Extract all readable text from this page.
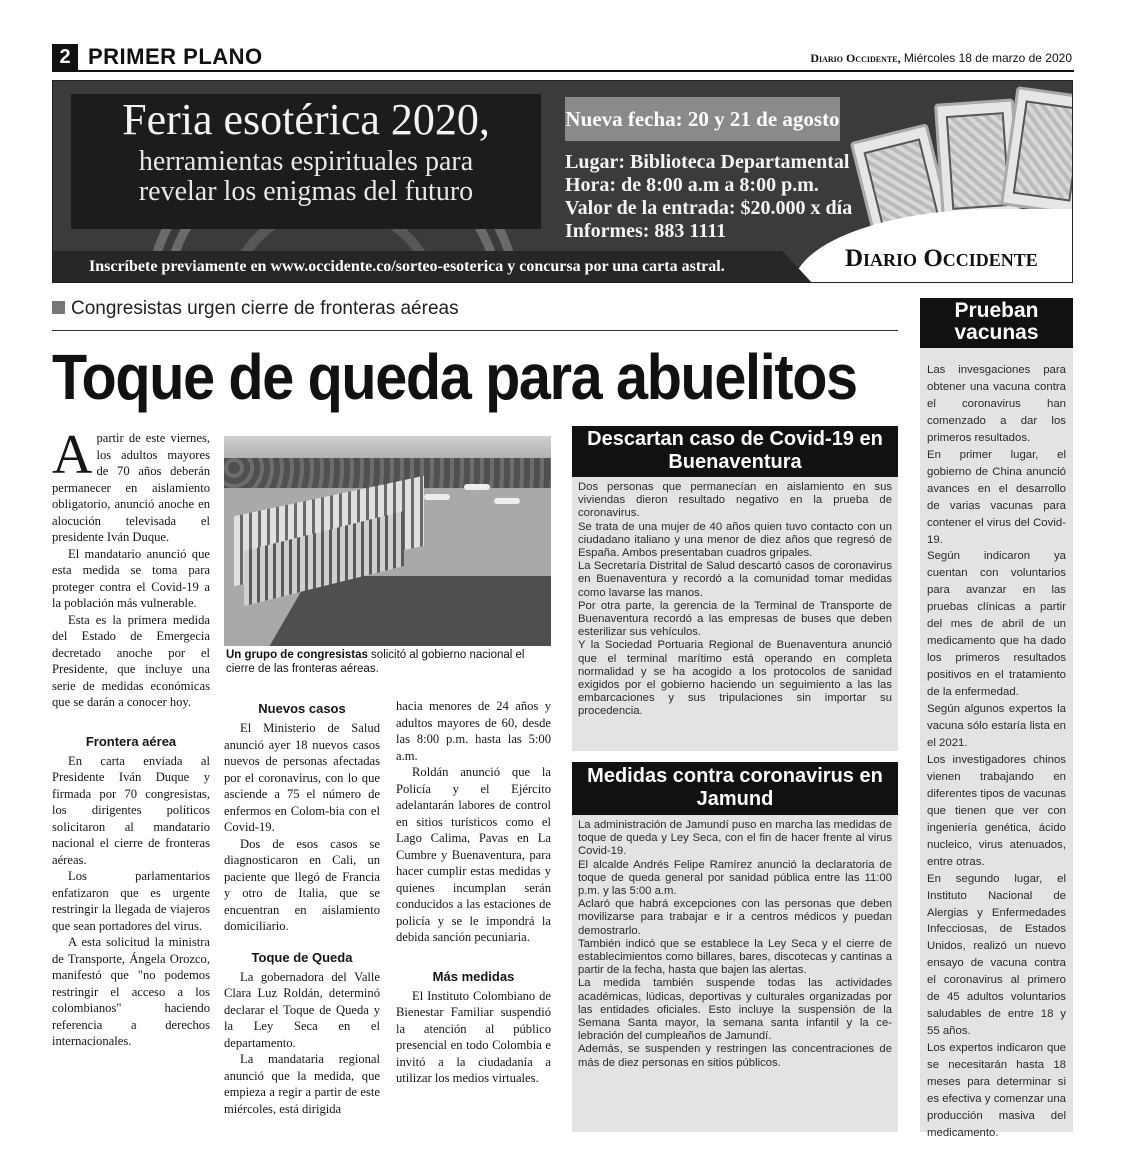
2 PRIMER PLANO	Diario Occidente, Miércoles 18 de marzo de 2020
Feria esotérica 2020,
herramientas espirituales para
revelar los enigmas del futuro
Nueva fecha: 20 y 21 de agosto
Lugar: Biblioteca Departamental
Hora: de 8:00 a.m a 8:00 p.m.
Valor de la entrada: $20.000 x día
Informes: 883 1111
Inscríbete previamente en www.occidente.co/sorteo-esoterica y concursa por una carta astral.	Diario Occidente
Congresistas urgen cierre de fronteras aéreas
Toque de queda para abuelitos

Apartir de este viernes, los adultos mayores de 70 años deberán permanecer en aislamiento obligatorio, anunció anoche en alocución televisada el presidente Iván Duque.

El mandatario anunció que esta medida se toma para proteger contra el Covid-19 a la población más vulnerable.

Esta es la primera medida del Estado de Emergecia decretado anoche por el Presidente, que incluye una serie de medidas económicas que se darán a conocer hoy.

Frontera aérea

En carta enviada al Presidente Iván Duque y firmada por 70 congresistas, los dirigentes políticos solicitaron al mandatario nacional el cierre de fronteras aéreas.

Los parlamentarios enfatizaron que es urgente restringir la llegada de viajeros que sean portadores del virus.

A esta solicitud la ministra de Transporte, Ángela Orozco, manifestó que "no podemos restringir el acceso a los colombianos" haciendo referencia a derechos internacionales.

Un grupo de congresistas solicitó al gobierno nacional el cierre de las fronteras aéreas.
Nuevos casos

El Ministerio de Salud anunció ayer 18 nuevos casos nuevos de personas afectadas por el coronavirus, con lo que asciende a 75 el número de enfermos en Colom-bia con el Covid-19.

Dos de esos casos se diagnosticaron en Cali, un paciente que llegó de Francia y otro de Italia, que se encuentran en aislamiento domiciliario.

Toque de Queda

La gobernadora del Valle Clara Luz Roldán, determinó declarar el Toque de Queda y la Ley Seca en el departamento.

La mandataria regional anunció que la medida, que empieza a regir a partir de este miércoles, está dirigida

hacia menores de 24 años y adultos mayores de 60, desde las 8:00 p.m. hasta las 5:00 a.m.

Roldán anunció que la Policía y el Ejército adelantarán labores de control en sitios turísticos como el Lago Calima, Pavas en La Cumbre y Buenaventura, para hacer cumplir estas medidas y quienes incumplan serán conducidos a las estaciones de policía y se le impondrá la debida sanción pecuniaria.

Más medidas

El Instituto Colombiano de Bienestar Familiar suspendió la atención al público presencial en todo Colombia e invitó a la ciudadanía a utilizar los medios virtuales.

Descartan caso de Covid-19 en Buenaventura

Dos personas que permanecían en aislamiento en sus viviendas dieron resultado negativo en la prueba de coronavirus.

Se trata de una mujer de 40 años quien tuvo contacto con un ciudadano italiano y una menor de diez años que regresó de España. Ambos presentaban cuadros gripales.

La Secretaría Distrital de Salud descartó casos de coronavirus en Buenaventura y recordó a la comunidad tomar medidas como lavarse las manos.

Por otra parte, la gerencia de la Terminal de Transporte de Buenaventura recordó a las empresas de buses que deben esterilizar sus vehículos.

Y la Sociedad Portuaria Regional de Buenaventura anunció que el terminal marítimo está operando en completa normalidad y se ha acogido a los protocolos de sanidad exigidos por el gobierno haciendo un seguimiento a las las embarcaciones y sus tripulaciones sin importar su procedencia.

Medidas contra coronavirus en Jamund

La administración de Jamundí puso en marcha las medidas de toque de queda y Ley Seca, con el fin de hacer frente al virus Covid-19.

El alcalde Andrés Felipe Ramírez anunció la declaratoria de toque de queda general por sanidad pública entre las 11:00 p.m. y las 5:00 a.m.

Aclaró que habrá excepciones con las personas que deben movilizarse para trabajar e ir a centros médicos y puedan demostrarlo.

También indicó que se establece la Ley Seca y el cierre de establecimientos como billares, bares, discotecas y cantinas a partir de la fecha, hasta que bajen las alertas.

La medida también suspende todas las actividades académicas, lúdicas, deportivas y culturales organizadas por las entidades oficiales. Esto incluye la suspensión de la Semana Santa mayor, la semana santa infantil y la ce-lebración del cumpleaños de Jamundí.

Además, se suspenden y restringen las concentraciones de más de diez personas en sitios públicos.

Prueban vacunas

Las invesgaciones para obtener una vacuna contra el coronavirus han comenzado a dar los primeros resultados.

En primer lugar, el gobierno de China anunció avances en el desarrollo de varias vacunas para contener el virus del Covid-19.

Según indicaron ya cuentan con voluntarios para avanzar en las pruebas clínicas a partir del mes de abril de un medicamento que ha dado los primeros resultados positivos en el tratamiento de la enfermedad.

Según algunos expertos la vacuna sólo estaría lista en el 2021.

Los investigadores chinos vienen trabajando en diferentes tipos de vacunas que tienen que ver con ingeniería genética, ácido nucleico, virus atenuados, entre otras.

En segundo lugar, el Instituto Nacional de Alergias y Enfermedades Infecciosas, de Estados Unidos, realizó un nuevo ensayo de vacuna contra el coronavirus al primero de 45 adultos voluntarios saludables de entre 18 y 55 años.

Los expertos indicaron que se necesitarán hasta 18 meses para determinar si es efectiva y comenzar una producción masiva del medicamento.
